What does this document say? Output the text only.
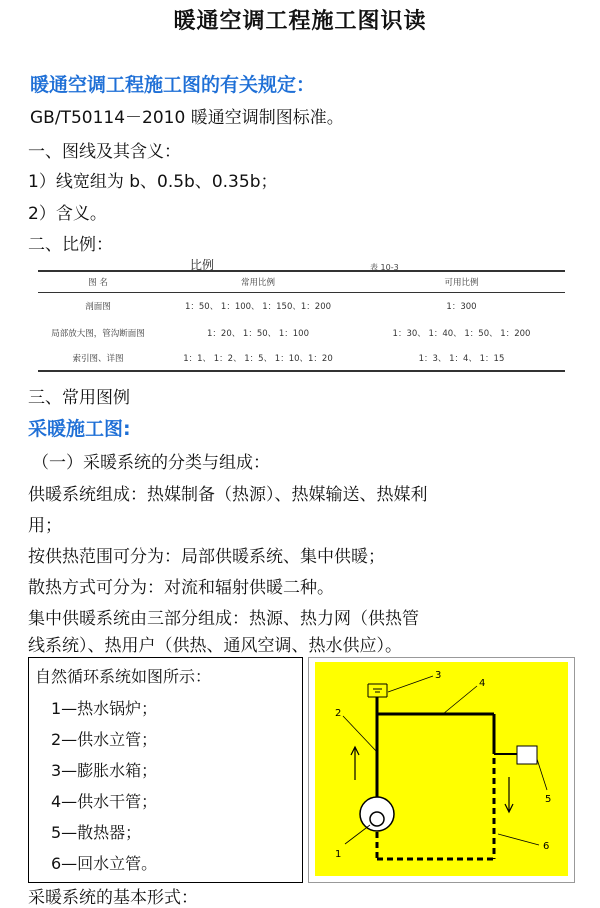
暖通空调工程施工图识读
暖通空调工程施工图的有关规定：
GB/T50114－2010 暖通空调制图标准。
一、图线及其含义：
1）线宽组为 b、0.5b、0.35b；
2）含义。
二、比例：
比例	表 10-3
图 名	常用比例	可用比例
剖面图	1：50、 1：100、 1：150、1：200	1：300
局部放大图，管沟断面图	1：20、 1：50、 1：100	1：30、 1：40、 1：50、 1：200
索引图、详图	1：1、 1：2、 1：5、 1：10、1：20	1：3、 1：4、 1：15
三、常用图例
采暖施工图:
（一）采暖系统的分类与组成：
供暖系统组成：热媒制备（热源）、热媒输送、热媒利
用；
按供热范围可分为：局部供暖系统、集中供暖；
散热方式可分为：对流和辐射供暖二种。
集中供暖系统由三部分组成：热源、热力网（供热管
线系统）、热用户（供热、通风空调、热水供应）。
自然循环系统如图所示：
1—热水锅炉；
2—供水立管；
3—膨胀水箱；
4—供水干管；
5—散热器；
6—回水立管。	1
2
3
4
5
6
采暖系统的基本形式：
